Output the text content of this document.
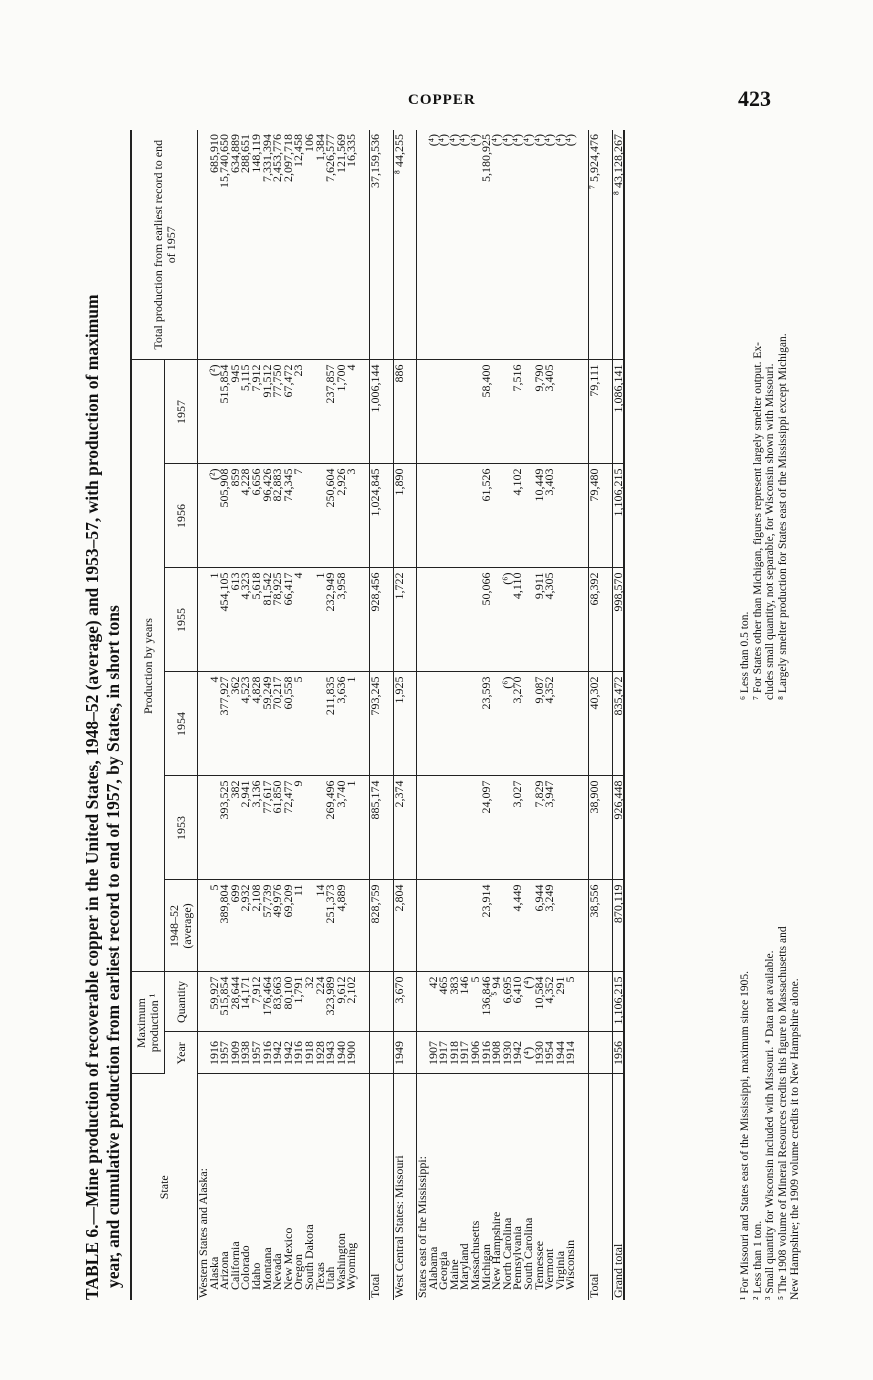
COPPER	423
TABLE 6.—Mine production of recoverable copper in the United States, 1948–52 (average) and 1953–57, with production of maximum year, and cumulative production from earliest record to end of 1957, by States, in short tons	State	Maximum production ¹		Production by years						Total production from earliest record to end of 1957
	Year	Quantity	1948–52 (average)	1953	1954	1955	1956	1957	
Western States and Alaska:									
Alaska	1916	59,927	5		4	1	(²)	(²)	685,910
Arizona	1957	515,854	389,804	393,525	377,927	454,105	505,908	515,854	15,740,650
California	1909	28,644	699	382	362	613	859	945	634,889
Colorado	1938	14,171	2,932	2,941	4,523	4,323	4,228	5,115	288,651
Idaho	1957	7,912	2,108	3,136	4,828	5,618	6,656	7,912	148,119
Montana	1916	176,464	57,739	77,617	59,249	81,542	96,426	91,512	7,331,394
Nevada	1942	83,663	49,976	61,850	70,217	78,925	82,883	77,750	2,453,776
New Mexico	1942	80,100	69,209	72,477	60,558	66,417	74,345	67,472	2,097,718
Oregon	1916	1,791	11	9	5	4	7	23	12,458
South Dakota	1918	32							106
Texas	1928	224	14			1			1,384
Utah	1943	323,989	251,373	269,496	211,835	232,949	250,604	237,857	7,626,577
Washington	1940	9,612	4,889	3,740	3,636	3,958	2,926	1,700	121,569
Wyoming	1900	2,102		1	1		3	4	16,335

Total			828,759	885,174	793,245	928,456	1,024,845	1,006,144	37,159,536

West Central States: Missouri	1949	3,670	2,804	2,374	1,925	1,722	1,890	886	⁸ 44,255

States east of the Mississippi:									
Alabama	1907	42							(⁴)
Georgia	1917	465							(⁴)
Maine	1918	383							(⁴)
Maryland	1917	146							(⁴)
Massachusetts	1906	5							(⁴)
Michigan	1916	136,846	23,914	24,097	23,593	50,066	61,526	58,400	5,180,925
New Hampshire	1908	⁵ 94							(⁴)
North Carolina	1930	6,695			(⁶)	(⁶)			(⁴)
Pennsylvania	1942	6,410	4,449	3,027	3,270	4,110	4,102	7,516	(⁴)
South Carolina	(⁴)	(⁴)							(⁴)
Tennessee	1930	10,584	6,944	7,829	9,087	9,911	10,449	9,790	(⁴)
Vermont	1954	4,352	3,249	3,947	4,352	4,305	3,403	3,405	(⁴)
Virginia	1944	291							(⁴)
Wisconsin	1914	5							(⁴)

Total			38,556	38,900	40,302	68,392	79,480	79,111	⁷ 5,924,476

Grand total	1956	1,106,215	870,119	926,448	835,472	998,570	1,106,215	1,086,141	⁸ 43,128,267
¹ For Missouri and States east of the Mississippi, maximum since 1905. ² Less than 1 ton. ³ Small quantity for Wisconsin included with Missouri. ⁴ Data not available. ⁵ The 1908 volume of Mineral Resources credits this figure to Massachusetts and New Hampshire; the 1909 volume credits it to New Hampshire alone.
⁶ Less than 0.5 ton. ⁷ For States other than Michigan, figures represent largely smelter output. Ex- cludes small quantity, not separable, for Wisconsin shown with Missouri. ⁸ Largely smelter production for States east of the Mississippi except Michigan.
